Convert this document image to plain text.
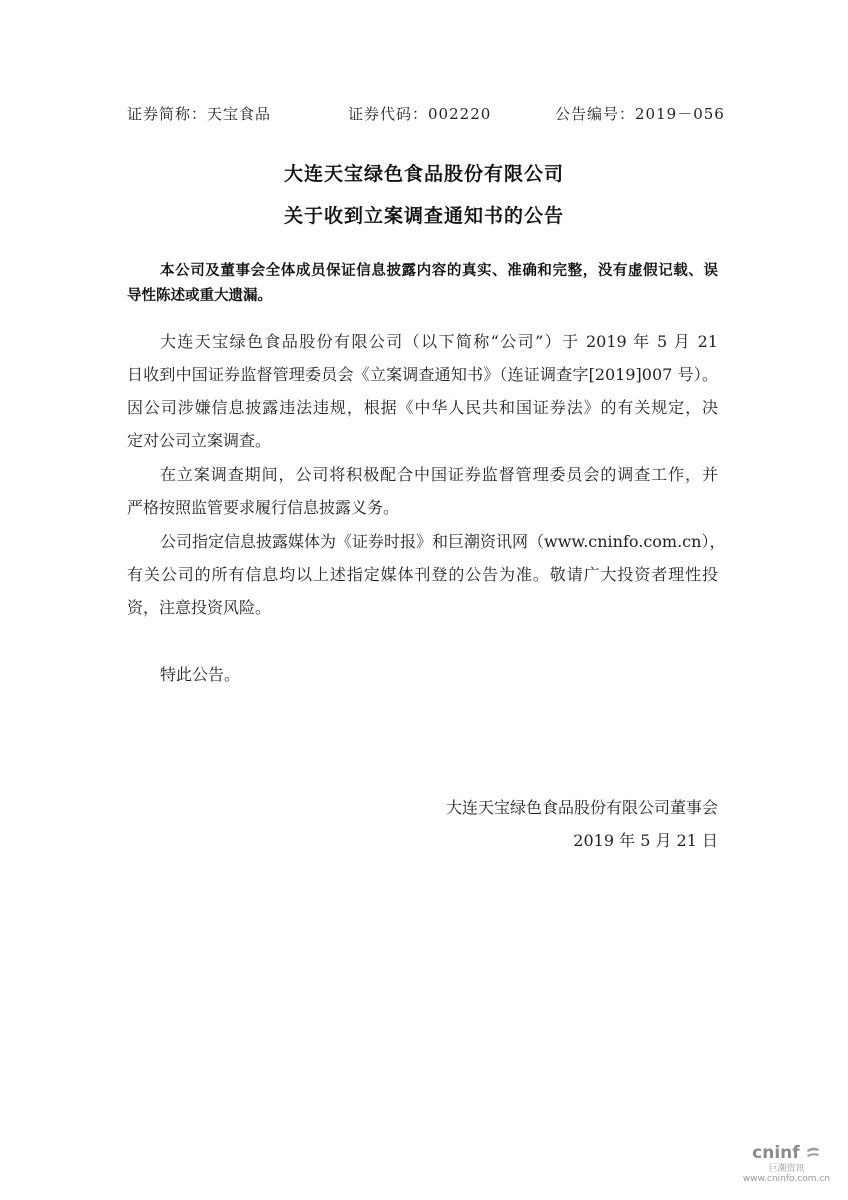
证券简称：天宝食品	证券代码：002220	公告编号：2019－056
大连天宝绿色食品股份有限公司
关于收到立案调查通知书的公告
本公司及董事会全体成员保证信息披露内容的真实、准确和完整，没有虚假记载、误
导性陈述或重大遗漏。
大连天宝绿色食品股份有限公司（以下简称“公司”）于 2019 年 5 月 21
日收到中国证券监督管理委员会《立案调查通知书》（连证调查字[2019]007 号）。
因公司涉嫌信息披露违法违规，根据《中华人民共和国证券法》的有关规定，决
定对公司立案调查。
在立案调查期间，公司将积极配合中国证券监督管理委员会的调查工作，并
严格按照监管要求履行信息披露义务。
公司指定信息披露媒体为《证券时报》和巨潮资讯网（www.cninfo.com.cn），
有关公司的所有信息均以上述指定媒体刊登的公告为准。敬请广大投资者理性投
资，注意投资风险。
特此公告。
大连天宝绿色食品股份有限公司董事会
2019 年 5 月 21 日
cninf
巨潮资讯
www.cninfo.com.cn
